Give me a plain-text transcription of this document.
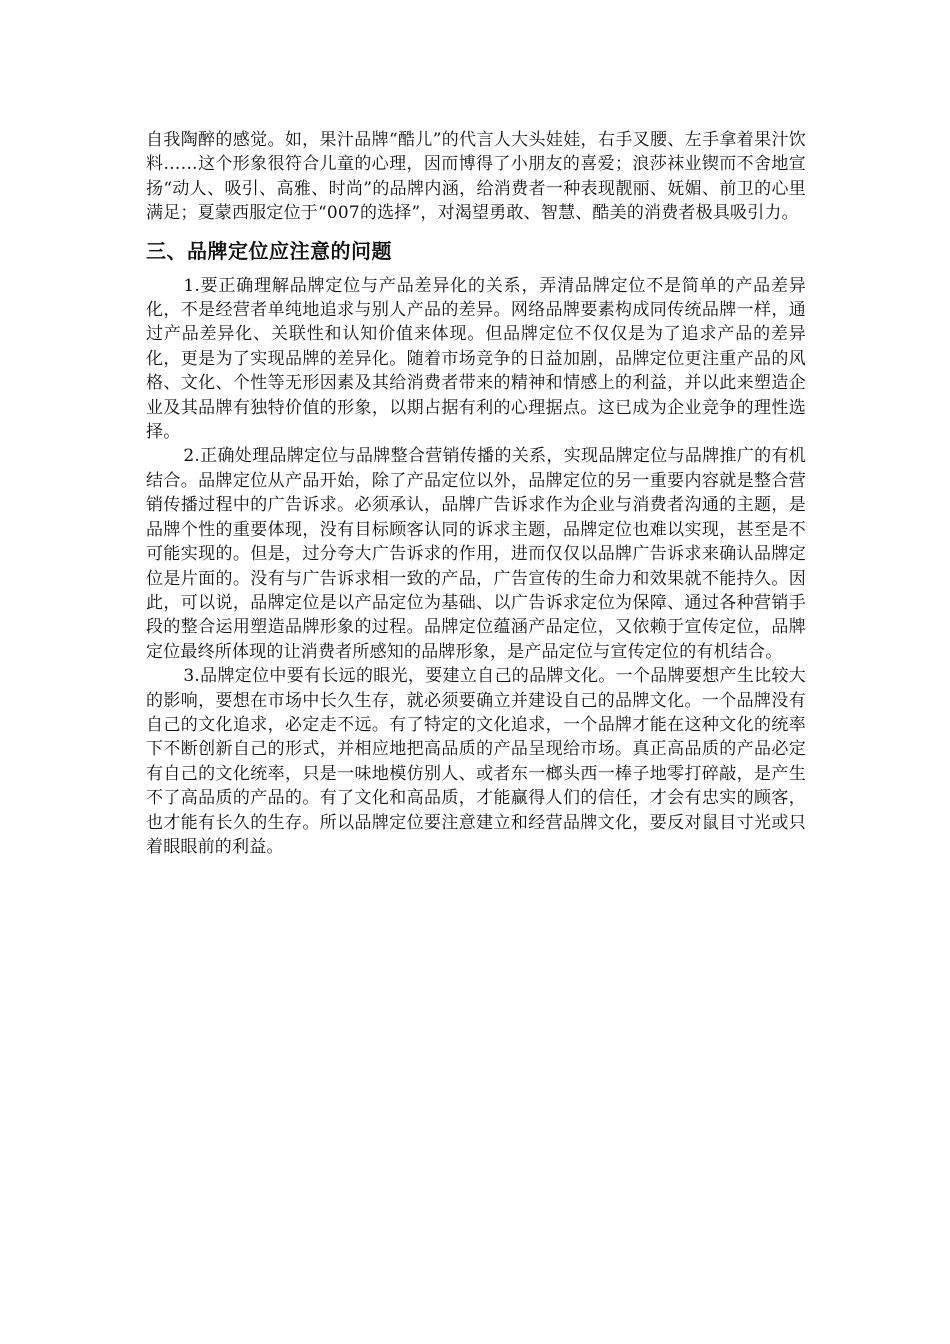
自我陶醉的感觉。如，果汁品牌“酷儿”的代言人大头娃娃，右手叉腰、左手拿着果汁饮料……这个形象很符合儿童的心理，因而博得了小朋友的喜爱；浪莎袜业锲而不舍地宣扬“动人、吸引、高雅、时尚”的品牌内涵，给消费者一种表现靓丽、妩媚、前卫的心里满足；夏蒙西服定位于“007的选择”，对渴望勇敢、智慧、酷美的消费者极具吸引力。

三、品牌定位应注意的问题

1.要正确理解品牌定位与产品差异化的关系，弄清品牌定位不是简单的产品差异化，不是经营者单纯地追求与别人产品的差异。网络品牌要素构成同传统品牌一样，通过产品差异化、关联性和认知价值来体现。但品牌定位不仅仅是为了追求产品的差异化，更是为了实现品牌的差异化。随着市场竞争的日益加剧，品牌定位更注重产品的风格、文化、个性等无形因素及其给消费者带来的精神和情感上的利益，并以此来塑造企业及其品牌有独特价值的形象，以期占据有利的心理据点。这已成为企业竞争的理性选择。

2.正确处理品牌定位与品牌整合营销传播的关系，实现品牌定位与品牌推广的有机结合。品牌定位从产品开始，除了产品定位以外，品牌定位的另一重要内容就是整合营销传播过程中的广告诉求。必须承认，品牌广告诉求作为企业与消费者沟通的主题，是品牌个性的重要体现，没有目标顾客认同的诉求主题，品牌定位也难以实现，甚至是不可能实现的。但是，过分夸大广告诉求的作用，进而仅仅以品牌广告诉求来确认品牌定位是片面的。没有与广告诉求相一致的产品，广告宣传的生命力和效果就不能持久。因此，可以说，品牌定位是以产品定位为基础、以广告诉求定位为保障、通过各种营销手段的整合运用塑造品牌形象的过程。品牌定位蕴涵产品定位，又依赖于宣传定位，品牌定位最终所体现的让消费者所感知的品牌形象，是产品定位与宣传定位的有机结合。

3.品牌定位中要有长远的眼光，要建立自己的品牌文化。一个品牌要想产生比较大的影响，要想在市场中长久生存，就必须要确立并建设自己的品牌文化。一个品牌没有自己的文化追求，必定走不远。有了特定的文化追求，一个品牌才能在这种文化的统率下不断创新自己的形式，并相应地把高品质的产品呈现给市场。真正高品质的产品必定有自己的文化统率，只是一味地模仿别人、或者东一榔头西一棒子地零打碎敲，是产生不了高品质的产品的。有了文化和高品质，才能赢得人们的信任，才会有忠实的顾客，也才能有长久的生存。所以品牌定位要注意建立和经营品牌文化，要反对鼠目寸光或只着眼眼前的利益。
